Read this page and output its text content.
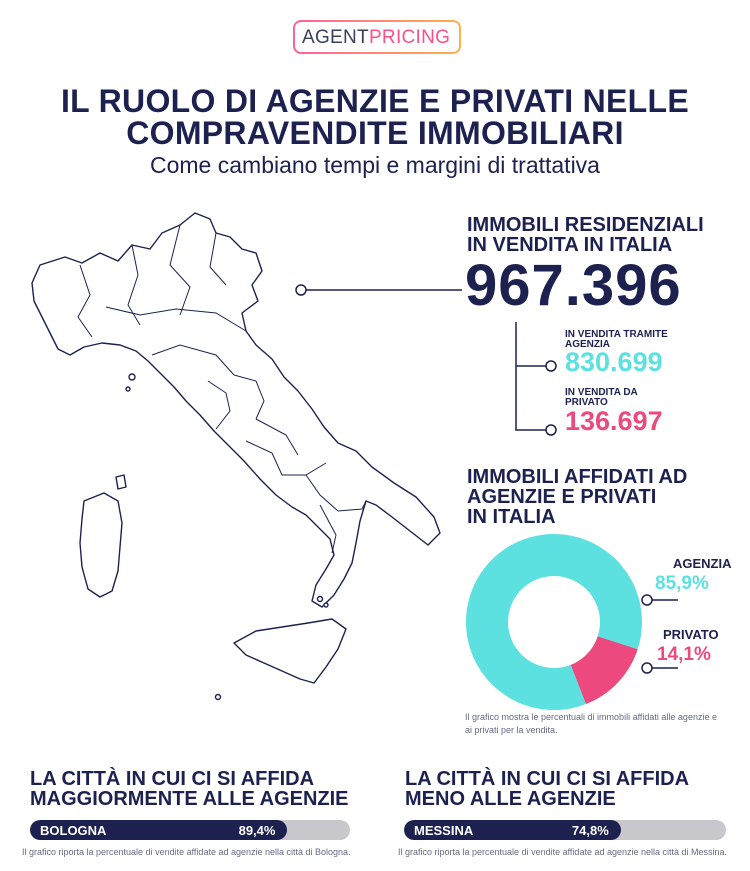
AGENTPRICING
IL RUOLO DI AGENZIE E PRIVATI NELLE
COMPRAVENDITE IMMOBILIARI
Come cambiano tempi e margini di trattativa
IMMOBILI RESIDENZIALI
IN VENDITA IN ITALIA
967.396
IN VENDITA TRAMITE
AGENZIA
830.699
IN VENDITA DA
PRIVATO
136.697
IMMOBILI AFFIDATI AD
AGENZIE E PRIVATI
IN ITALIA
AGENZIA
85,9%
PRIVATO
14,1%
Il grafico mostra le percentuali di immobili affidati alle agenzie e
ai privati per la vendita.
LA CITTÀ IN CUI CI SI AFFIDA
MAGGIORMENTE ALLE AGENZIE
BOLOGNA	89,4%
Il grafico riporta la percentuale di vendite affidate ad agenzie nella città di Bologna.
LA CITTÀ IN CUI CI SI AFFIDA
MENO ALLE AGENZIE
MESSINA	74,8%
Il grafico riporta la percentuale di vendite affidate ad agenzie nella città di Messina.
